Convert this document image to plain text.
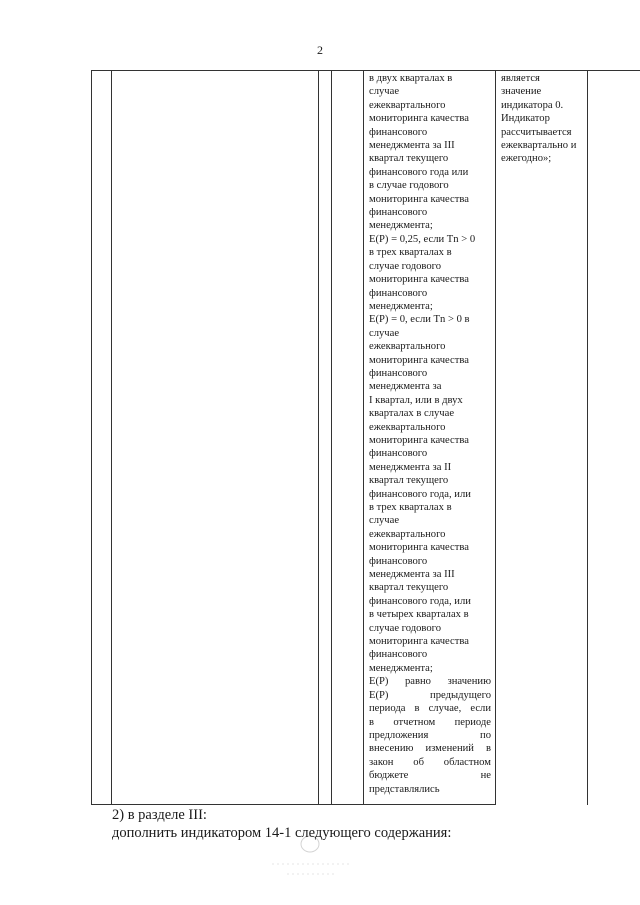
2

в двух кварталах в

случае

ежеквартального

мониторинга качества

финансового

менеджмента за III

квартал текущего

финансового года или

в случае годового

мониторинга качества

финансового

менеджмента;

E(P) = 0,25, если Tn > 0

в трех кварталах в

случае годового

мониторинга качества

финансового

менеджмента;

E(P) = 0, если Tn > 0 в

случае

ежеквартального

мониторинга качества

финансового

менеджмента за

I квартал, или в двух

кварталах в случае

ежеквартального

мониторинга качества

финансового

менеджмента за II

квартал текущего

финансового года, или

в трех кварталах в

случае

ежеквартального

мониторинга качества

финансового

менеджмента за III

квартал текущего

финансового года, или

в четырех кварталах в

случае годового

мониторинга качества

финансового

менеджмента;

E(P) равно значению

E(P) предыдущего

периода в случае, если

в отчетном периоде

предложения по

внесению изменений в

закон об областном

бюджете не

представлялись

является

значение

индикатора 0.

Индикатор

рассчитывается

ежеквартально и

ежегодно»;

2) в разделе III:
дополнить индикатором 14-1 следующего содержания:
